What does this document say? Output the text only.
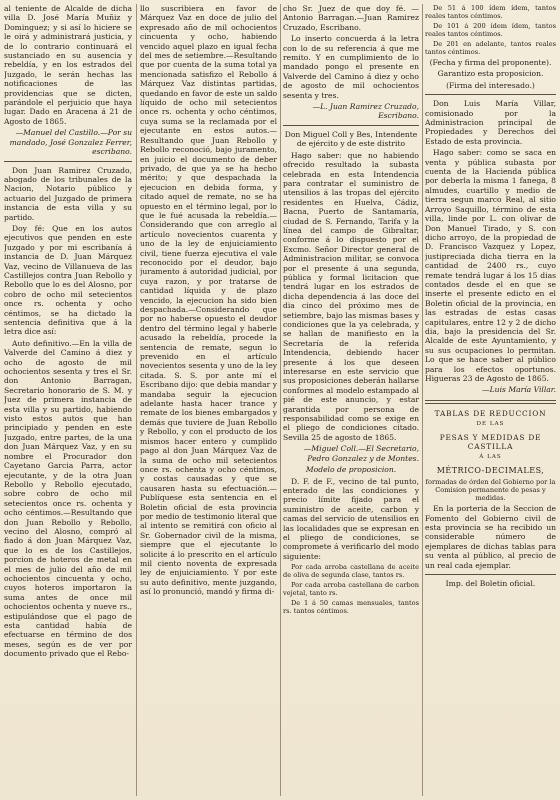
al teniente de Alcalde de dicha villa D. José María Muñiz y Dominguez; y si así lo hiciere se le oirá y administrará justicia, y de lo contrario continuará el sustanciado en su ausencia y rebeldía, y en los estrados del Juzgado, le serán hechas las notificaciones de las providencias que se dicten, parándole el perjuicio que haya lugar. Dado en Aracena á 21 de Agosto de 1865.

—Manuel del Castillo.—Por su mandado, José Gonzalez Ferrer, escribano.

Don Juan Ramirez Cruzado, abogado de los tribunales de la Nacion, Notario público y actuario del Juzgado de primera instancia de esta villa y su partido.

Doy fé: Que en los autos ejecutivos que penden en este Juzgado y por mi escribanía á instancia de D. Juan Márquez Vaz, vecino de Villanueva de las Castillejos contra Juan Rebollo y Rebollo que lo es del Alosno, por cobro de ocho mil setecientos once rs. ochenta y ocho céntimos, se ha dictado la sentencia definitiva que á la letra dice así:

Auto definitivo.—En la villa de Valverde del Camino á diez y ocho de agosto de mil ochocientos sesenta y tres el Sr. don Antonio Barragan, Secretario honorario de S. M. y Juez de primera instancia de esta villa y su partido, habiendo visto estos autos que han principiado y penden en este Juzgado, entre partes, de la una don Juan Márquez Vaz, y en su nombre el Procurador don Cayetano Garcia Parra, actor ejecutante, y de la otra Juan Rebollo y Rebollo ejecutado, sobre cobro de ocho mil setecientos once rs. ochenta y ocho céntimos.—Resultando que don Juan Rebollo y Rebollo, vecino del Alosno, compró al fiado á don Juan Márquez Vaz, que lo es de los Castillejos, porcion de hoteros de metal en el mes de julio del año de mil ochocientos cincuenta y ocho, cuyos hoteros importaron la suma antes de once mil ochocientos ochenta y nueve rs., estipulándose que el pago de esta cantidad había de efectuarse en término de dos meses, según es de ver por documento privado que el Rebo-

llo suscribiera en favor de Márquez Vaz en doce de julio del expresado año de mil ochocientos cincuenta y ocho, habiendo vencido aquel plazo en igual fecha del mes de setiembre.—Resultando que por cuenta de la suma total ya mencionada satisfizo el Rebollo á Márquez Vaz distintas partidas, quedando en favor de este un saldo líquido de ocho mil setecientos once rs. ochenta y ocho céntimos, cuya suma se la reclamada por el ejecutante en estos autos.—Resultando que Juan Rebollo y Rebollo reconoció, bajo juramento, en juicio el documento de deber privado, de que ya se ha hecho mérito; y que despachada la ejecucion en debida forma, y citado aquel de remate, no se ha opuesto en el término legal, por lo que le fué acusada la rebeldía.—Considerando que con arreglo al artículo novecientos cuarenta y uno de la ley de enjuiciamiento civil, tiene fuerza ejecutiva el vale reconocido por el deudor, bajo juramento á autoridad judicial, por cuya razon, y por tratarse de cantidad líquida y de plazo vencido, la ejecucion ha sido bien despachada.—Considerando que por no haberse opuesto el deudor dentro del término legal y haberle acusado la rebeldía, procede la sentencia de remate, segun lo prevenido en el artículo novecientos sesenta y uno de la ley citada. S. S. por ante mí el Escribano dijo: que debia mandar y mandaba seguir la ejecucion adelante hasta hacer trance y remate de los bienes embargados y demás que tuviere de Juan Rebollo y Rebollo, y con el producto de los mismos hacer entero y cumplido pago al don Juan Márquez Vaz de la suma de ocho mil setecientos once rs. ochenta y ocho céntimos, y costas causadas y que se causaren hasta su efectuación.—Publíquese esta sentencia en el Boletin oficial de esta provincia por medio de testimonio literal que al intento se remitirá con oficio al Sr. Gobernador civil de la misma, siempre que el ejecutante lo solicite á lo prescrito en el artículo mil ciento noventa de expresada ley de enjuiciamiento. Y por este su auto definitivo, mente juzgando, así lo pronunció, mandó y firma di-

cho Sr. Juez de que doy fé. —Antonio Barragan.—Juan Ramirez Cruzado, Escribano.

Lo inserto concuerda á la letra con lo de su referencia á que me remito. Y en cumplimiento de lo mandado pongo el presente en Valverde del Camino á diez y ocho de agosto de mil ochocientos sesenta y tres.

—L. Juan Ramirez Cruzado, Escribano.

Don Miguel Coll y Bes, Intendente de ejército y de este distrito

Hago saber: que no habiendo ofrecido resultado la subasta celebrada en esta Intendencia para contratar el suministro de utensilios á las tropas del ejército residentes en Huelva, Cádiz, Bacna, Puerto de Santamaría, ciudad de S. Fernando, Tarifa y la línea del campo de Gibraltar, conforme á lo dispuesto por el Excmo. Señor Director general de Administracion militar, se convoca por el presente á una segunda, pública y formal licitacion que tendrá lugar en los estrados de dicha dependencia á las doce del dia cinco del próximo mes de setiembre, bajo las mismas bases y condiciones que la ya celebrada, y se hallan de manifiesto en la Secretaría de la referida Intendencia, debiendo hacer presente á los que deseen interesarse en este servicio que sus proposiciones deberán hallarse conformes al modelo estampado al pié de este anuncio, y estar garantida por persona de responsabilidad como se exige en el pliego de condiciones citado. Sevilla 25 de agosto de 1865.

—Miguel Coll.—El Secretario, Pedro Gonzalez y de Montes.

Modelo de proposicion.

D. F. de F., vecino de tal punto, enterado de las condiciones y precio límite fijado para el suministro de aceite, carbon y camas del servicio de utensilios en las localidades que se expresan en el pliego de condiciones, se compromete á verificarlo del modo siguiente:

Por cada arroba castellana de aceite de oliva de segunda clase, tantos rs.

Por cada arroba castellana de carbon vejetal, tanto rs.

De 1 á 50 camas mensuales, tantos rs. tantos céntimos.

De 51 á 100 ídem ídem, tantos reales tantos céntimos.

De 101 á 200 ídem ídem, tantos reales tantos céntimos.

De 201 en adelante, tantos reales tantos céntimos.

(Fecha y firma del proponente).

Garantizo esta proposicion.

(Firma del interesado.)

Don Luis María Villar, comisionado por la Administracion principal de Propiedades y Derechos del Estado de esta provincia.

Hago saber: como se saca en venta y pública subasta por cuenta de la Hacienda pública por deberla la misma 1 fanega, 8 almudes, cuartillo y medio de tierra segun marco Real, al sitio Arroyo Saquillo, término de esta villa, linde por L. con olivar de Don Manuel Tirado, y S. con dicho arroyo, de la propiedad de D. Francisco Vazquez y Lopez, justipreciada dicha tierra en la cantidad de 2400 rs., cuyo remate tendrá lugar á los 15 dias contados desde el en que se inserte el presente edicto en el Boletin oficial de la provincia, en las estradas de estas casas capitulares, entre 12 y 2 de dicho dia, bajo la presidencia del Sr. Alcalde de este Ayuntamiento, y su sus ocupaciones lo permitan. Lo que se hace saber al público para los efectos oportunos. Higueras 23 de Agosto de 1865.

—Luis María Villar.

TABLAS DE REDUCCION

DE LAS

PESAS Y MEDIDAS DE CASTILLA

Á LAS

MÉTRICO-DECIMALES,

formadas de órden del Gobierno por la Comision permanente de pesas y medidas.

En la porteria de la Seccion de Fomento del Gobierno civil de esta provincia se ha recibido un considerable número de ejemplares de dichas tablas para su venta al público, al precio de un real cada ejemplar.

Imp. del Boletin oficial.
